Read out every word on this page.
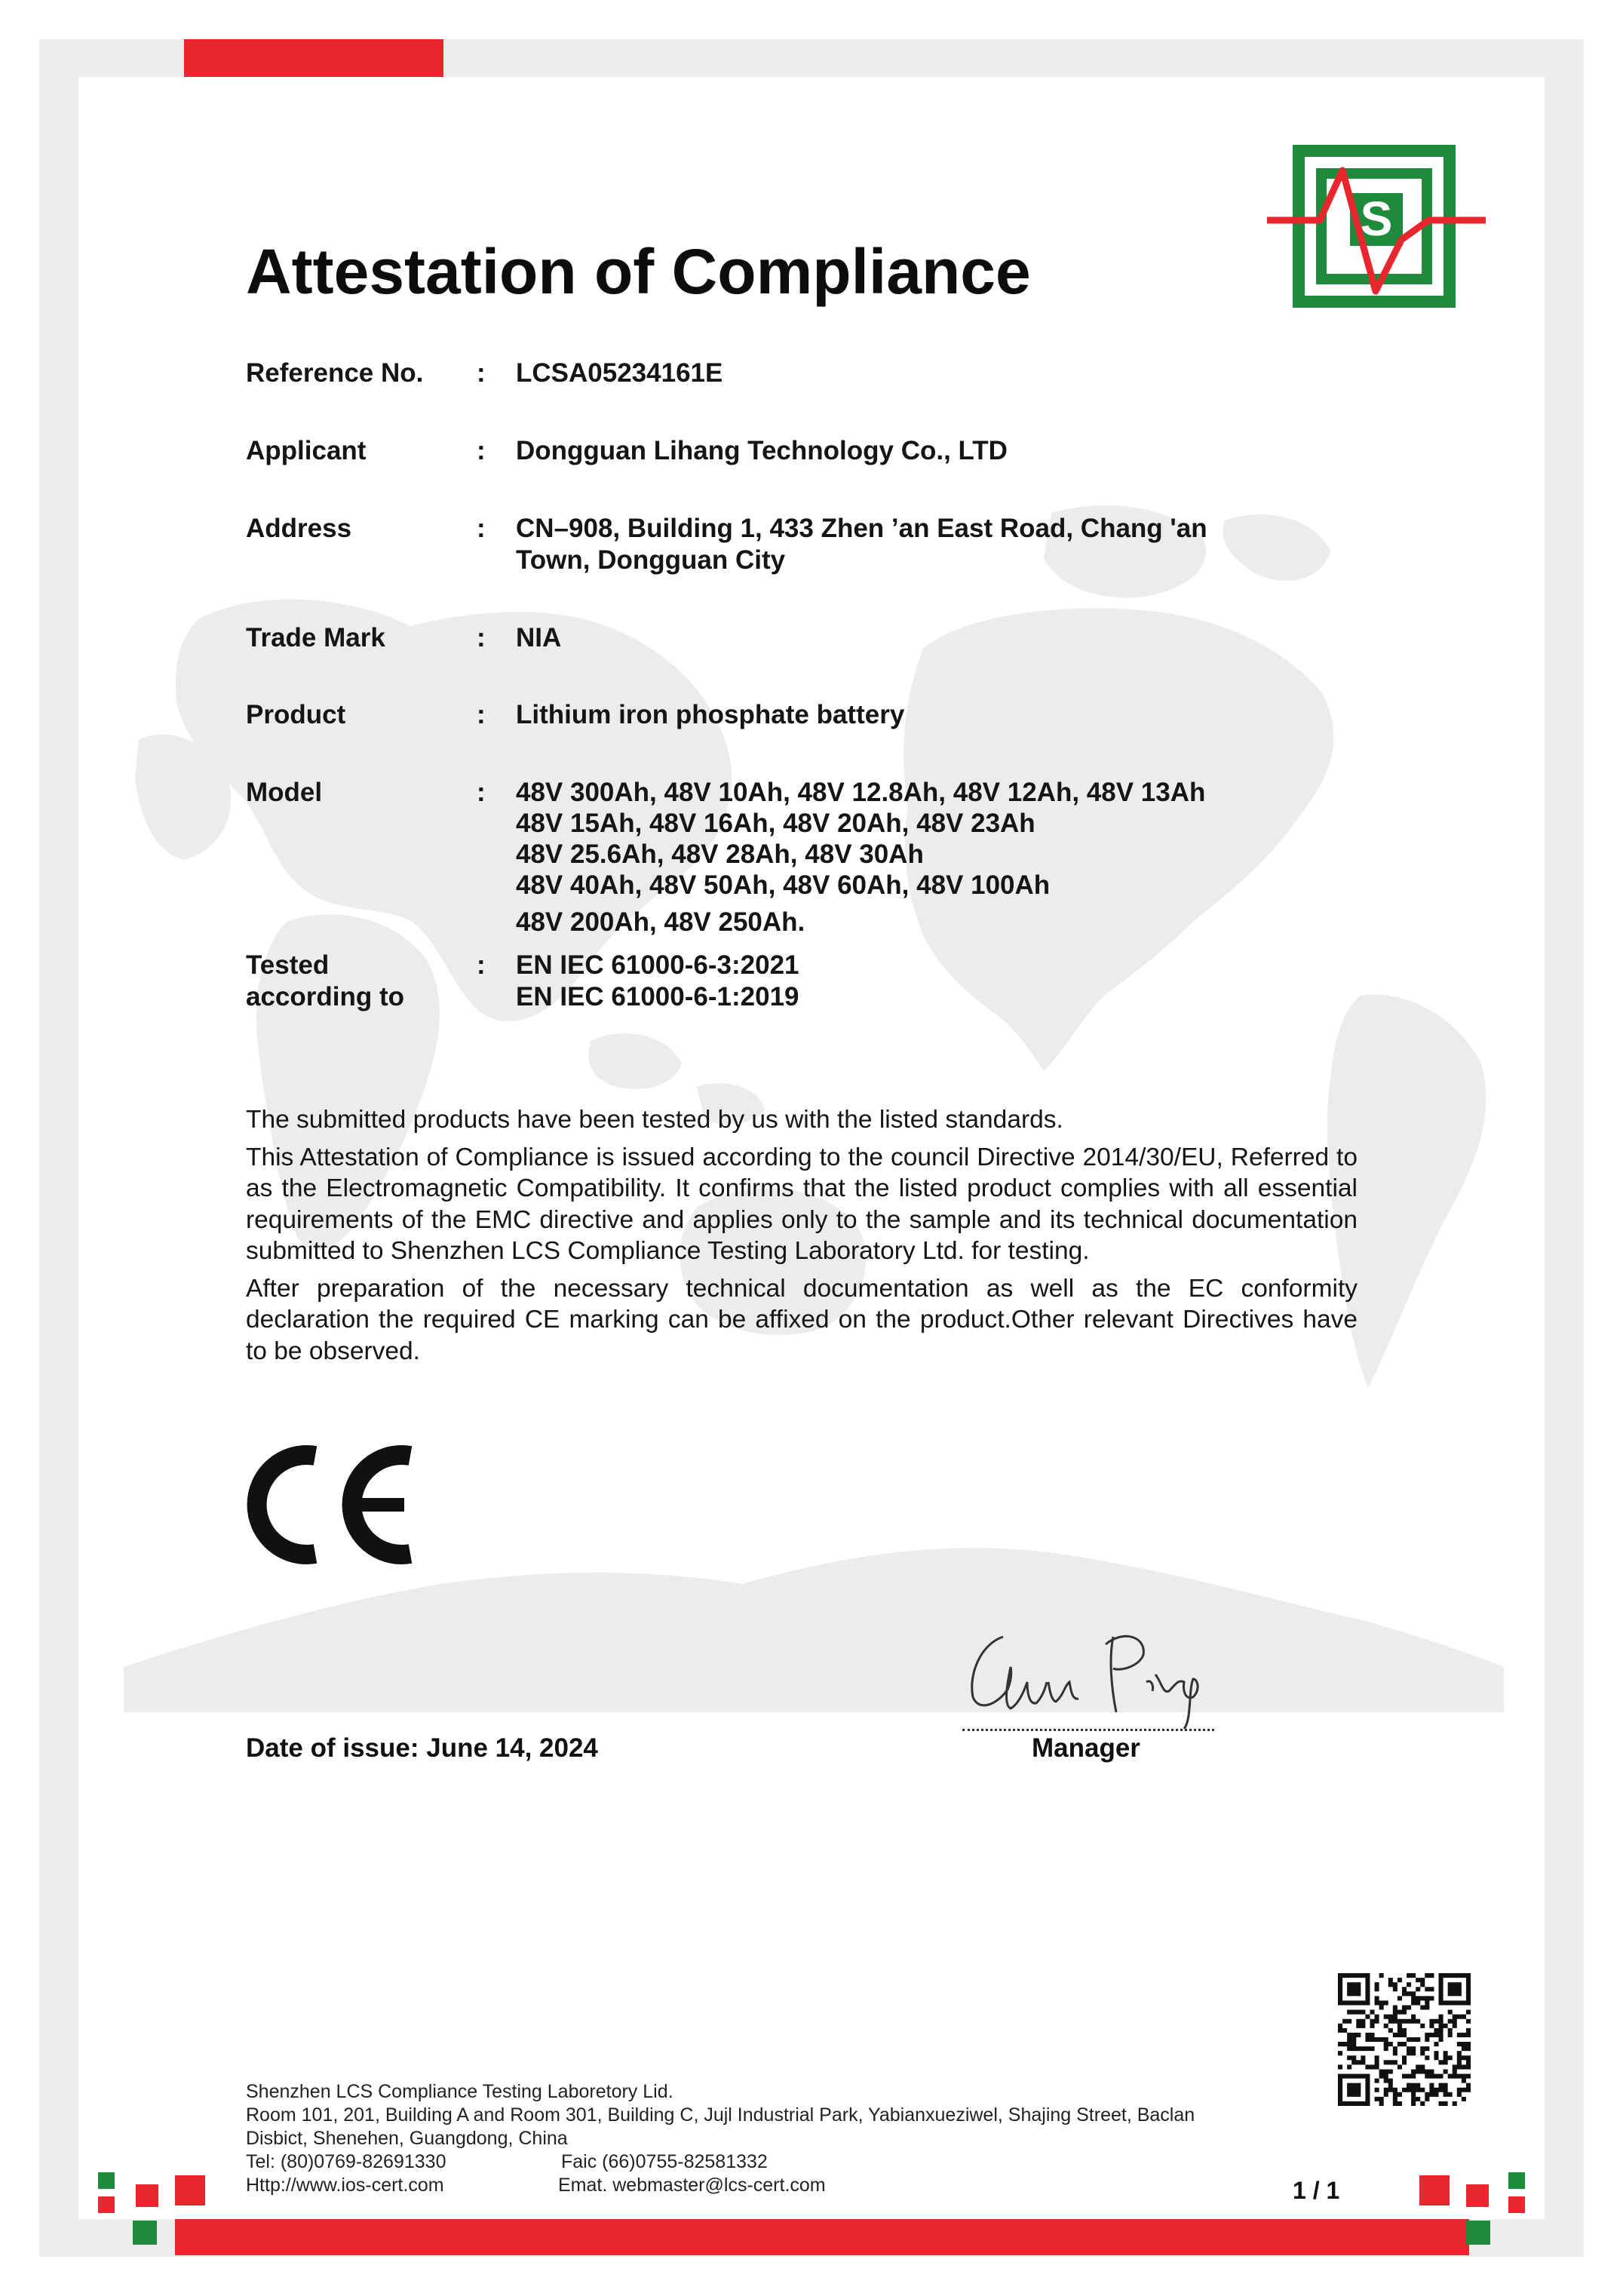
S
Attestation of Compliance
Reference No. : LCSA05234161E
Applicant	: Dongguan Lihang Technology Co., LTD
Address	: CN–908, Building 1, 433 Zhen ’an East Road, Chang 'an
Town, Dongguan City
Trade Mark	: NIA
Product	: Lithium iron phosphate battery
Model	: 48V 300Ah, 48V 10Ah, 48V 12.8Ah, 48V 12Ah, 48V 13Ah
48V 15Ah, 48V 16Ah, 48V 20Ah, 48V 23Ah
48V 25.6Ah, 48V 28Ah, 48V 30Ah
48V 40Ah, 48V 50Ah, 48V 60Ah, 48V 100Ah
48V 200Ah, 48V 250Ah.
Tested
according to
: EN IEC 61000-6-3:2021
EN IEC 61000-6-1:2019

The submitted products have been tested by us with the listed standards.

This Attestation of Compliance is issued according to the council Directive 2014/30/EU, Referred to as the Electromagnetic Compatibility. It confirms that the listed product complies with all essential requirements of the EMC directive and applies only to the sample and its technical documentation submitted to Shenzhen LCS Compliance Testing Laboratory Ltd. for testing.

After preparation of the necessary technical documentation as well as the EC conformity declaration the required CE marking can be affixed on the product.Other relevant Directives have to be observed.

Date of issue: June 14, 2024	Manager
Shenzhen LCS Compliance Testing Laboretory Lid.
Room 101, 201, Building A and Room 301, Building C, Jujl Industrial Park, Yabianxueziwel, Shajing Street, Baclan
Disbict, Shenehen, Guangdong, China
Tel: (80)0769-82691330	Faic (66)0755-82581332
Http://www.ios-cert.com	Emat. webmaster@lcs-cert.com	1 / 1
